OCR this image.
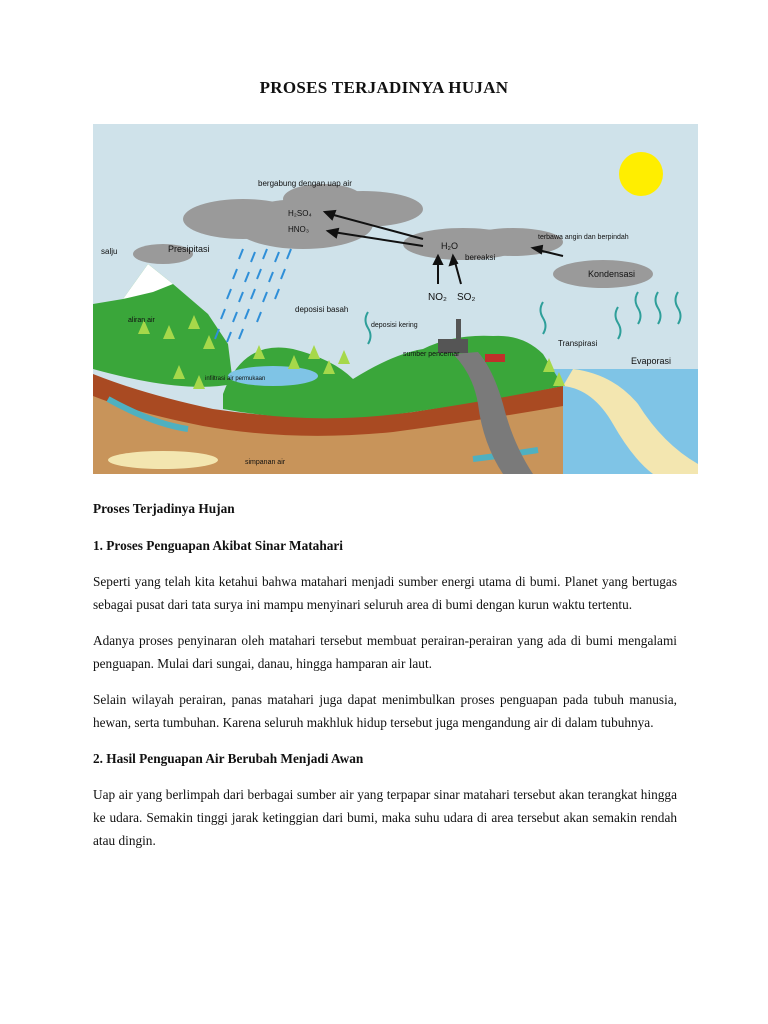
PROSES TERJADINYA HUJAN
bergabung dengan uap air
H₂SO₄
HNO₃
H₂O
salju	Presipitasi
terbawa angin dan berpindah
bereaksi
Kondensasi
NO₂ SO₂
deposisi basah
deposisi kering
aliran air
Transpirasi
Evaporasi
sumber pencemar
infiltrasi air permukaan
simpanan air

Proses Terjadinya Hujan

1. Proses Penguapan Akibat Sinar Matahari

Seperti yang telah kita ketahui bahwa matahari menjadi sumber energi utama di bumi. Planet yang bertugas sebagai pusat dari tata surya ini mampu menyinari seluruh area di bumi dengan kurun waktu tertentu.

Adanya proses penyinaran oleh matahari tersebut membuat perairan-perairan yang ada di bumi mengalami penguapan. Mulai dari sungai, danau, hingga hamparan air laut.

Selain wilayah perairan, panas matahari juga dapat menimbulkan proses penguapan pada tubuh manusia, hewan, serta tumbuhan. Karena seluruh makhluk hidup tersebut juga mengandung air di dalam tubuhnya.

2. Hasil Penguapan Air Berubah Menjadi Awan

Uap air yang berlimpah dari berbagai sumber air yang terpapar sinar matahari tersebut akan terangkat hingga ke udara. Semakin tinggi jarak ketinggian dari bumi, maka suhu udara di area tersebut akan semakin rendah atau dingin.
